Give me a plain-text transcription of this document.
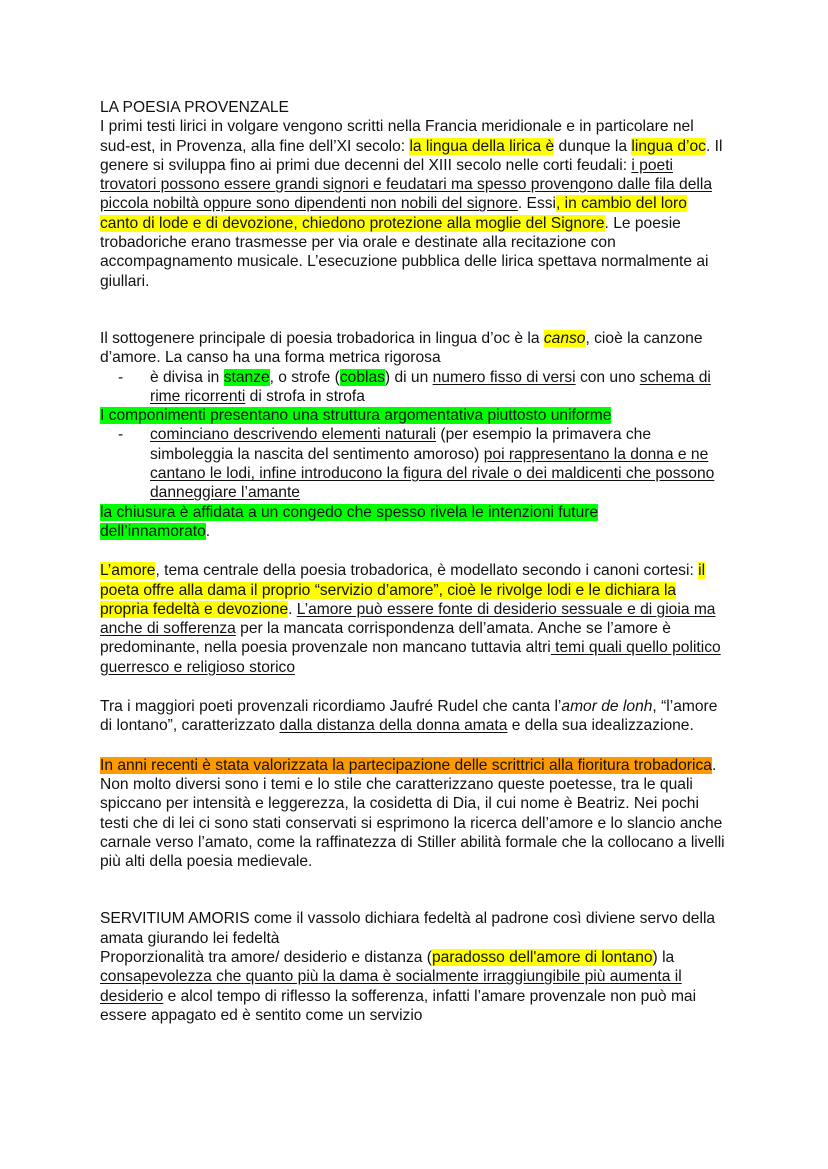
LA POESIA PROVENZALE

I primi testi lirici in volgare vengono scritti nella Francia meridionale e in particolare nel sud-est, in Provenza, alla fine dell’XI secolo: la lingua della lirica è dunque la lingua d’oc. Il genere si sviluppa fino ai primi due decenni del XIII secolo nelle corti feudali: i poeti trovatori possono essere grandi signori e feudatari ma spesso provengono dalle fila della piccola nobiltà oppure sono dipendenti non nobili del signore. Essi, in cambio del loro canto di lode e di devozione, chiedono protezione alla moglie del Signore. Le poesie trobadoriche erano trasmesse per via orale e destinate alla recitazione con accompagnamento musicale. L’esecuzione pubblica delle lirica spettava normalmente ai giullari.

Il sottogenere principale di poesia trobadorica in lingua d’oc è la canso, cioè la canzone d’amore. La canso ha una forma metrica rigorosa

- è divisa in stanze, o strofe (coblas) di un numero fisso di versi con uno schema di rime ricorrenti di strofa in strofa

I componimenti presentano una struttura argomentativa piuttosto uniforme

- cominciano descrivendo elementi naturali (per esempio la primavera che simboleggia la nascita del sentimento amoroso) poi rappresentano la donna e ne cantano le lodi, infine introducono la figura del rivale o dei maldicenti che possono danneggiare l’amante

la chiusura è affidata a un congedo che spesso rivela le intenzioni future dell’innamorato.

L’amore, tema centrale della poesia trobadorica, è modellato secondo i canoni cortesi: il poeta offre alla dama il proprio “servizio d’amore”, cioè le rivolge lodi e le dichiara la propria fedeltà e devozione. L’amore può essere fonte di desiderio sessuale e di gioia ma anche di sofferenza per la mancata corrispondenza dell’amata. Anche se l’amore è predominante, nella poesia provenzale non mancano tuttavia altri temi quali quello politico guerresco e religioso storico

Tra i maggiori poeti provenzali ricordiamo Jaufré Rudel che canta l’amor de lonh, “l’amore di lontano”, caratterizzato dalla distanza della donna amata e della sua idealizzazione.

In anni recenti è stata valorizzata la partecipazione delle scrittrici alla fioritura trobadorica. Non molto diversi sono i temi e lo stile che caratterizzano queste poetesse, tra le quali spiccano per intensità e leggerezza, la cosidetta di Dia, il cui nome è Beatriz. Nei pochi testi che di lei ci sono stati conservati si esprimono la ricerca dell’amore e lo slancio anche carnale verso l’amato, come la raffinatezza di Stiller abilità formale che la collocano a livelli più alti della poesia medievale.

SERVITIUM AMORIS come il vassolo dichiara fedeltà al padrone così diviene servo della amata giurando lei fedeltà

Proporzionalità tra amore/ desiderio e distanza (paradosso dell'amore di lontano) la consapevolezza che quanto più la dama è socialmente irraggiungibile più aumenta il desiderio e alcol tempo di riflesso la sofferenza, infatti l’amare provenzale non può mai essere appagato ed è sentito come un servizio
